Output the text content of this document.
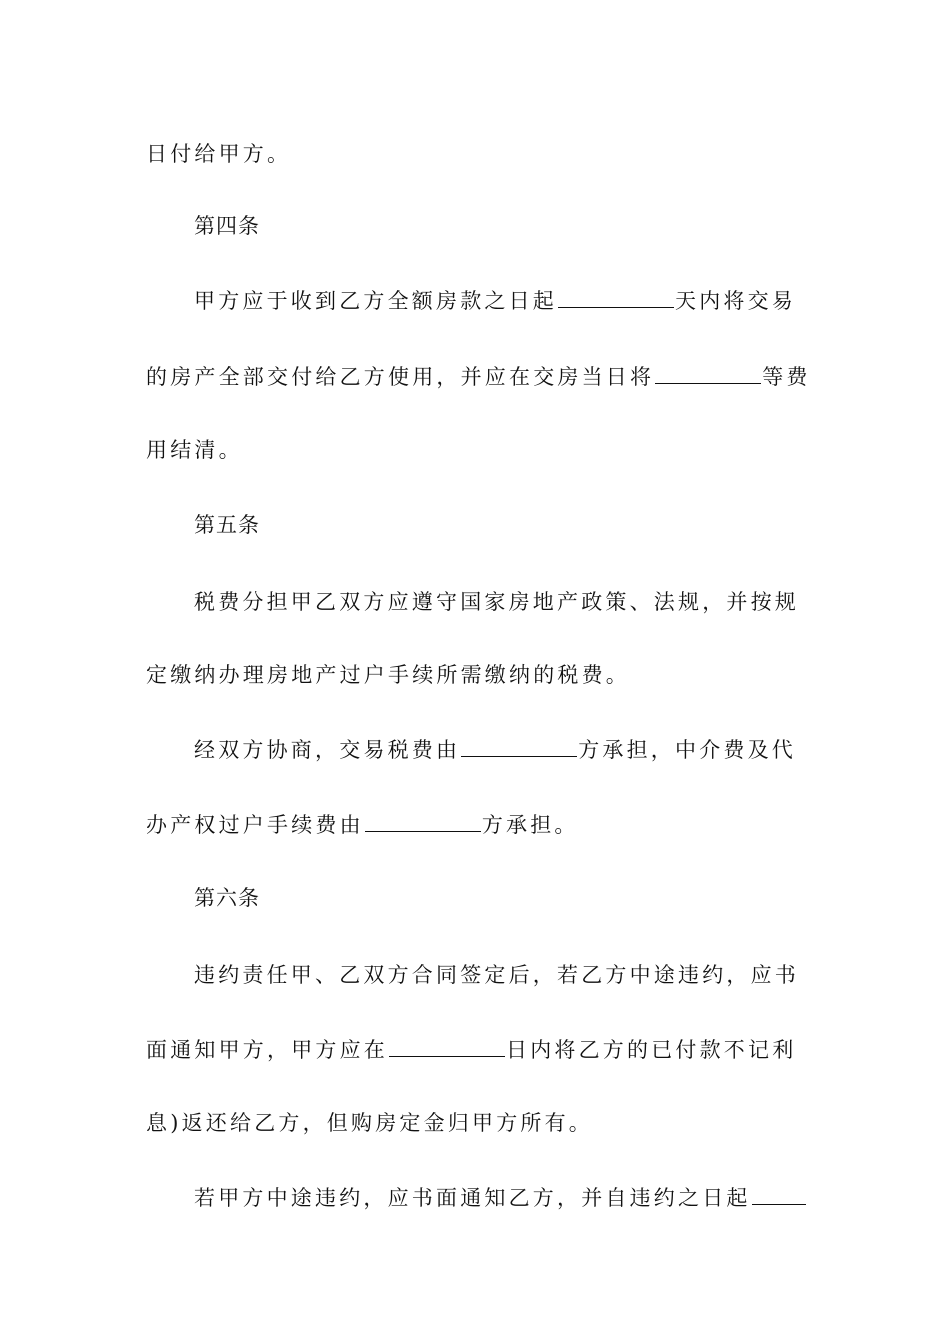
日付给甲方。
第四条
甲方应于收到乙方全额房款之日起	天内将交易
的房产全部交付给乙方使用，并应在交房当日将	等费
用结清。
第五条
税费分担甲乙双方应遵守国家房地产政策、法规，并按规
定缴纳办理房地产过户手续所需缴纳的税费。
经双方协商，交易税费由	方承担，中介费及代
办产权过户手续费由	方承担。
第六条
违约责任甲、乙双方合同签定后，若乙方中途违约，应书
面通知甲方，甲方应在	日内将乙方的已付款不记利
息)返还给乙方，但购房定金归甲方所有。
若甲方中途违约，应书面通知乙方，并自违约之日起
